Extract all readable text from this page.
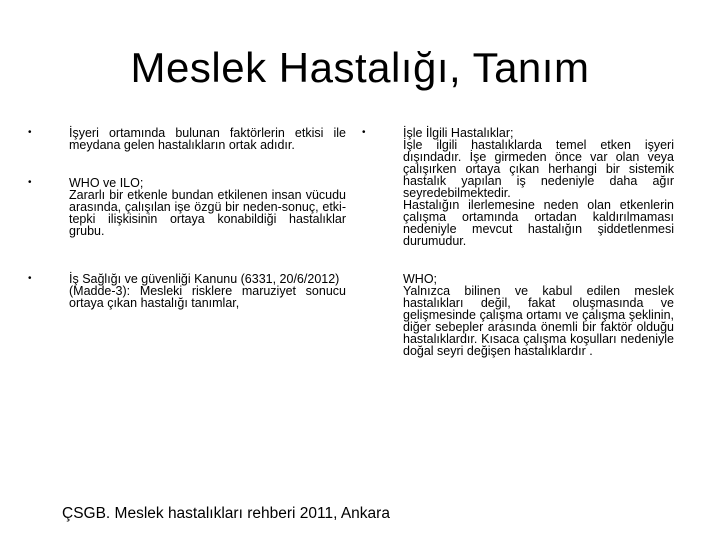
Meslek Hastalığı, Tanım
•	İşyeri ortamında bulunan faktörlerin etkisi ile meydana gelen hastalıkların ortak adıdır.

•	WHO ve ILO;

Zararlı bir etkenle bundan etkilenen insan vücudu arasında, çalışılan işe özgü bir neden-sonuç, etki-tepki ilişkisinin ortaya konabildiği hastalıklar grubu.

•	İş Sağlığı ve güvenliği Kanunu (6331, 20/6/2012)

(Madde-3): Mesleki risklere maruziyet sonucu ortaya çıkan hastalığı tanımlar,

•	İşle İlgili Hastalıklar;

İşle ilgili hastalıklarda temel etken işyeri dışındadır. İşe girmeden önce var olan veya çalışırken ortaya çıkan herhangi bir sistemik hastalık yapılan iş nedeniyle daha ağır seyredebilmektedir.

Hastalığın ilerlemesine neden olan etkenlerin çalışma ortamında ortadan kaldırılmaması nedeniyle mevcut hastalığın şiddetlenmesi durumudur.

WHO;

Yalnızca bilinen ve kabul edilen meslek hastalıkları değil, fakat oluşmasında ve gelişmesinde çalışma ortamı ve çalışma şeklinin, diğer sebepler arasında önemli bir faktör olduğu hastalıklardır. Kısaca çalışma koşulları nedeniyle doğal seyri değişen hastalıklardır .

ÇSGB. Meslek hastalıkları rehberi 2011, Ankara
